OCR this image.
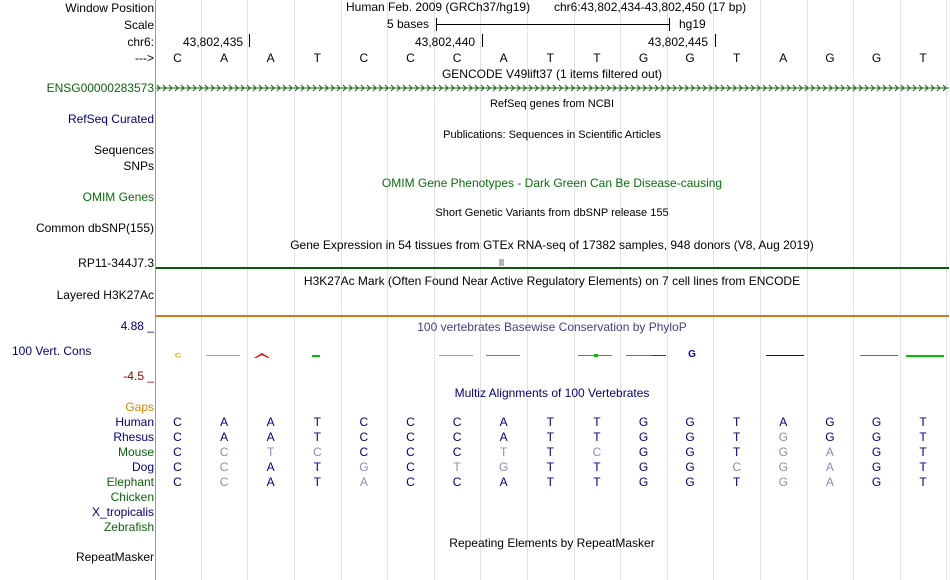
Window Position
Scale
chr6:
--->
Human Feb. 2009 (GRCh37/hg19) chr6:43,802,434-43,802,450 (17 bp)
5 bases	hg19
43,802,435	43,802,440	43,802,445
C	A	A	T	C	C	C	A	T	T	G	G	T	A	G	G	T
GENCODE V49lift37 (1 items filtered out)
ENSG00000283573
RefSeq genes from NCBI
RefSeq Curated
Publications: Sequences in Scientific Articles
Sequences
SNPs
OMIM Gene Phenotypes - Dark Green Can Be Disease-causing
OMIM Genes
Short Genetic Variants from dbSNP release 155
Common dbSNP(155)
Gene Expression in 54 tissues from GTEx RNA-seq of 17382 samples, 948 donors (V8, Aug 2019)
RP11-344J7.3
H3K27Ac Mark (Often Found Near Active Regulatory Elements) on 7 cell lines from ENCODE
Layered H3K27Ac
4.88 _	100 vertebrates Basewise Conservation by PhyloP
100 Vert. Cons
-4.5 _
C	G
Multiz Alignments of 100 Vertebrates
Gaps
Human	C	A	A	T	C	C	C	A	T	T	G	G	T	A	G	G	T
Rhesus	C	A	A	T	C	C	C	A	T	T	G	G	T	G	G	G	T
Mouse	C	C	T	C	C	C	C	T	T	C	G	G	T	G	A	G	T
Dog	C	C	A	T	G	C	T	G	T	T	G	G	C	G	A	G	T
Elephant	C	C	A	T	A	C	C	A	T	T	G	G	T	G	A	G	T
Chicken
X_tropicalis
Zebrafish
Repeating Elements by RepeatMasker
RepeatMasker
